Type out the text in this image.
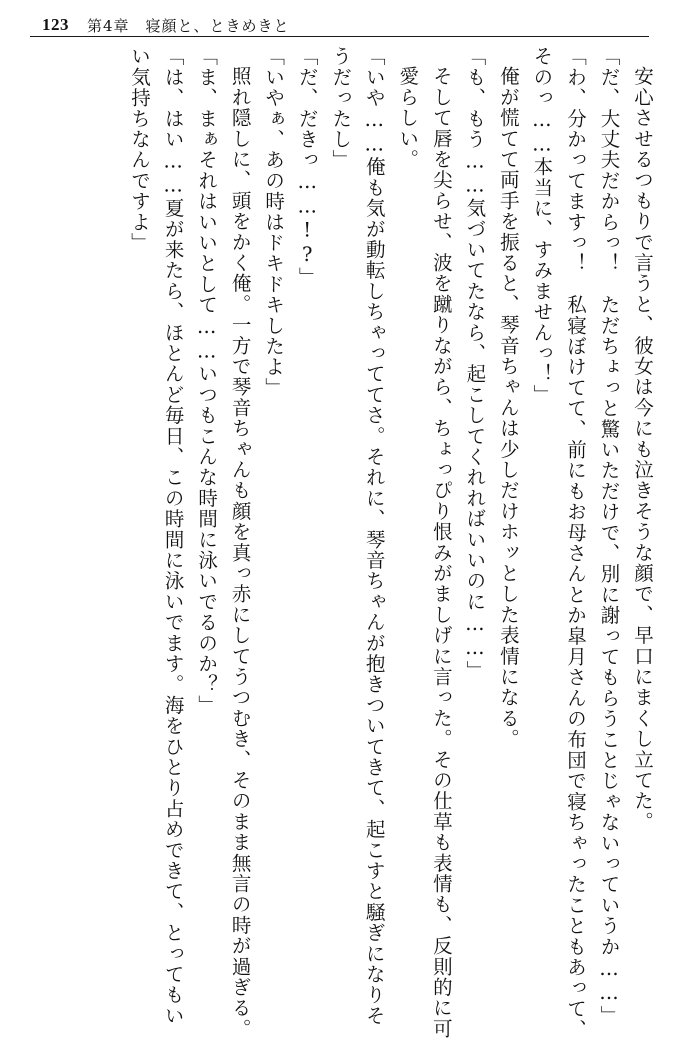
123 第4章　寝顔と、ときめきと

安心させるつもりで言うと、彼女は今にも泣きそうな顔で、早口にまくし立てた。

「だ、大丈夫だからっ！　ただちょっと驚いただけで、別に謝ってもらうことじゃないっていうか……」

「わ、分かってますっ！　私寝ぼけてて、前にもお母さんとか皐月さんの布団で寝ちゃったこともあって、そのっ……本当に、すみませんっ！」

俺が慌てて両手を振ると、琴音ちゃんは少しだけホッとした表情になる。

「も、もう……気づいてたなら、起こしてくれればいいのに……」

そして唇を尖らせ、波を蹴りながら、ちょっぴり恨みがましげに言った。その仕草も表情も、反則的に可愛らしい。

「いや……俺も気が動転しちゃっててさ。それに、琴音ちゃんが抱きついてきて、起こすと騒ぎになりそうだったし」

「だ、だきっ……!?」

「いやぁ、あの時はドキドキしたよ」

照れ隠しに、頭をかく俺。一方で琴音ちゃんも顔を真っ赤にしてうつむき、そのまま無言の時が過ぎる。

「ま、まぁそれはいいとして……いつもこんな時間に泳いでるのか？」

「は、はい……夏が来たら、ほとんど毎日、この時間に泳いでます。海をひとり占めできて、とってもいい気持ちなんですよ」
